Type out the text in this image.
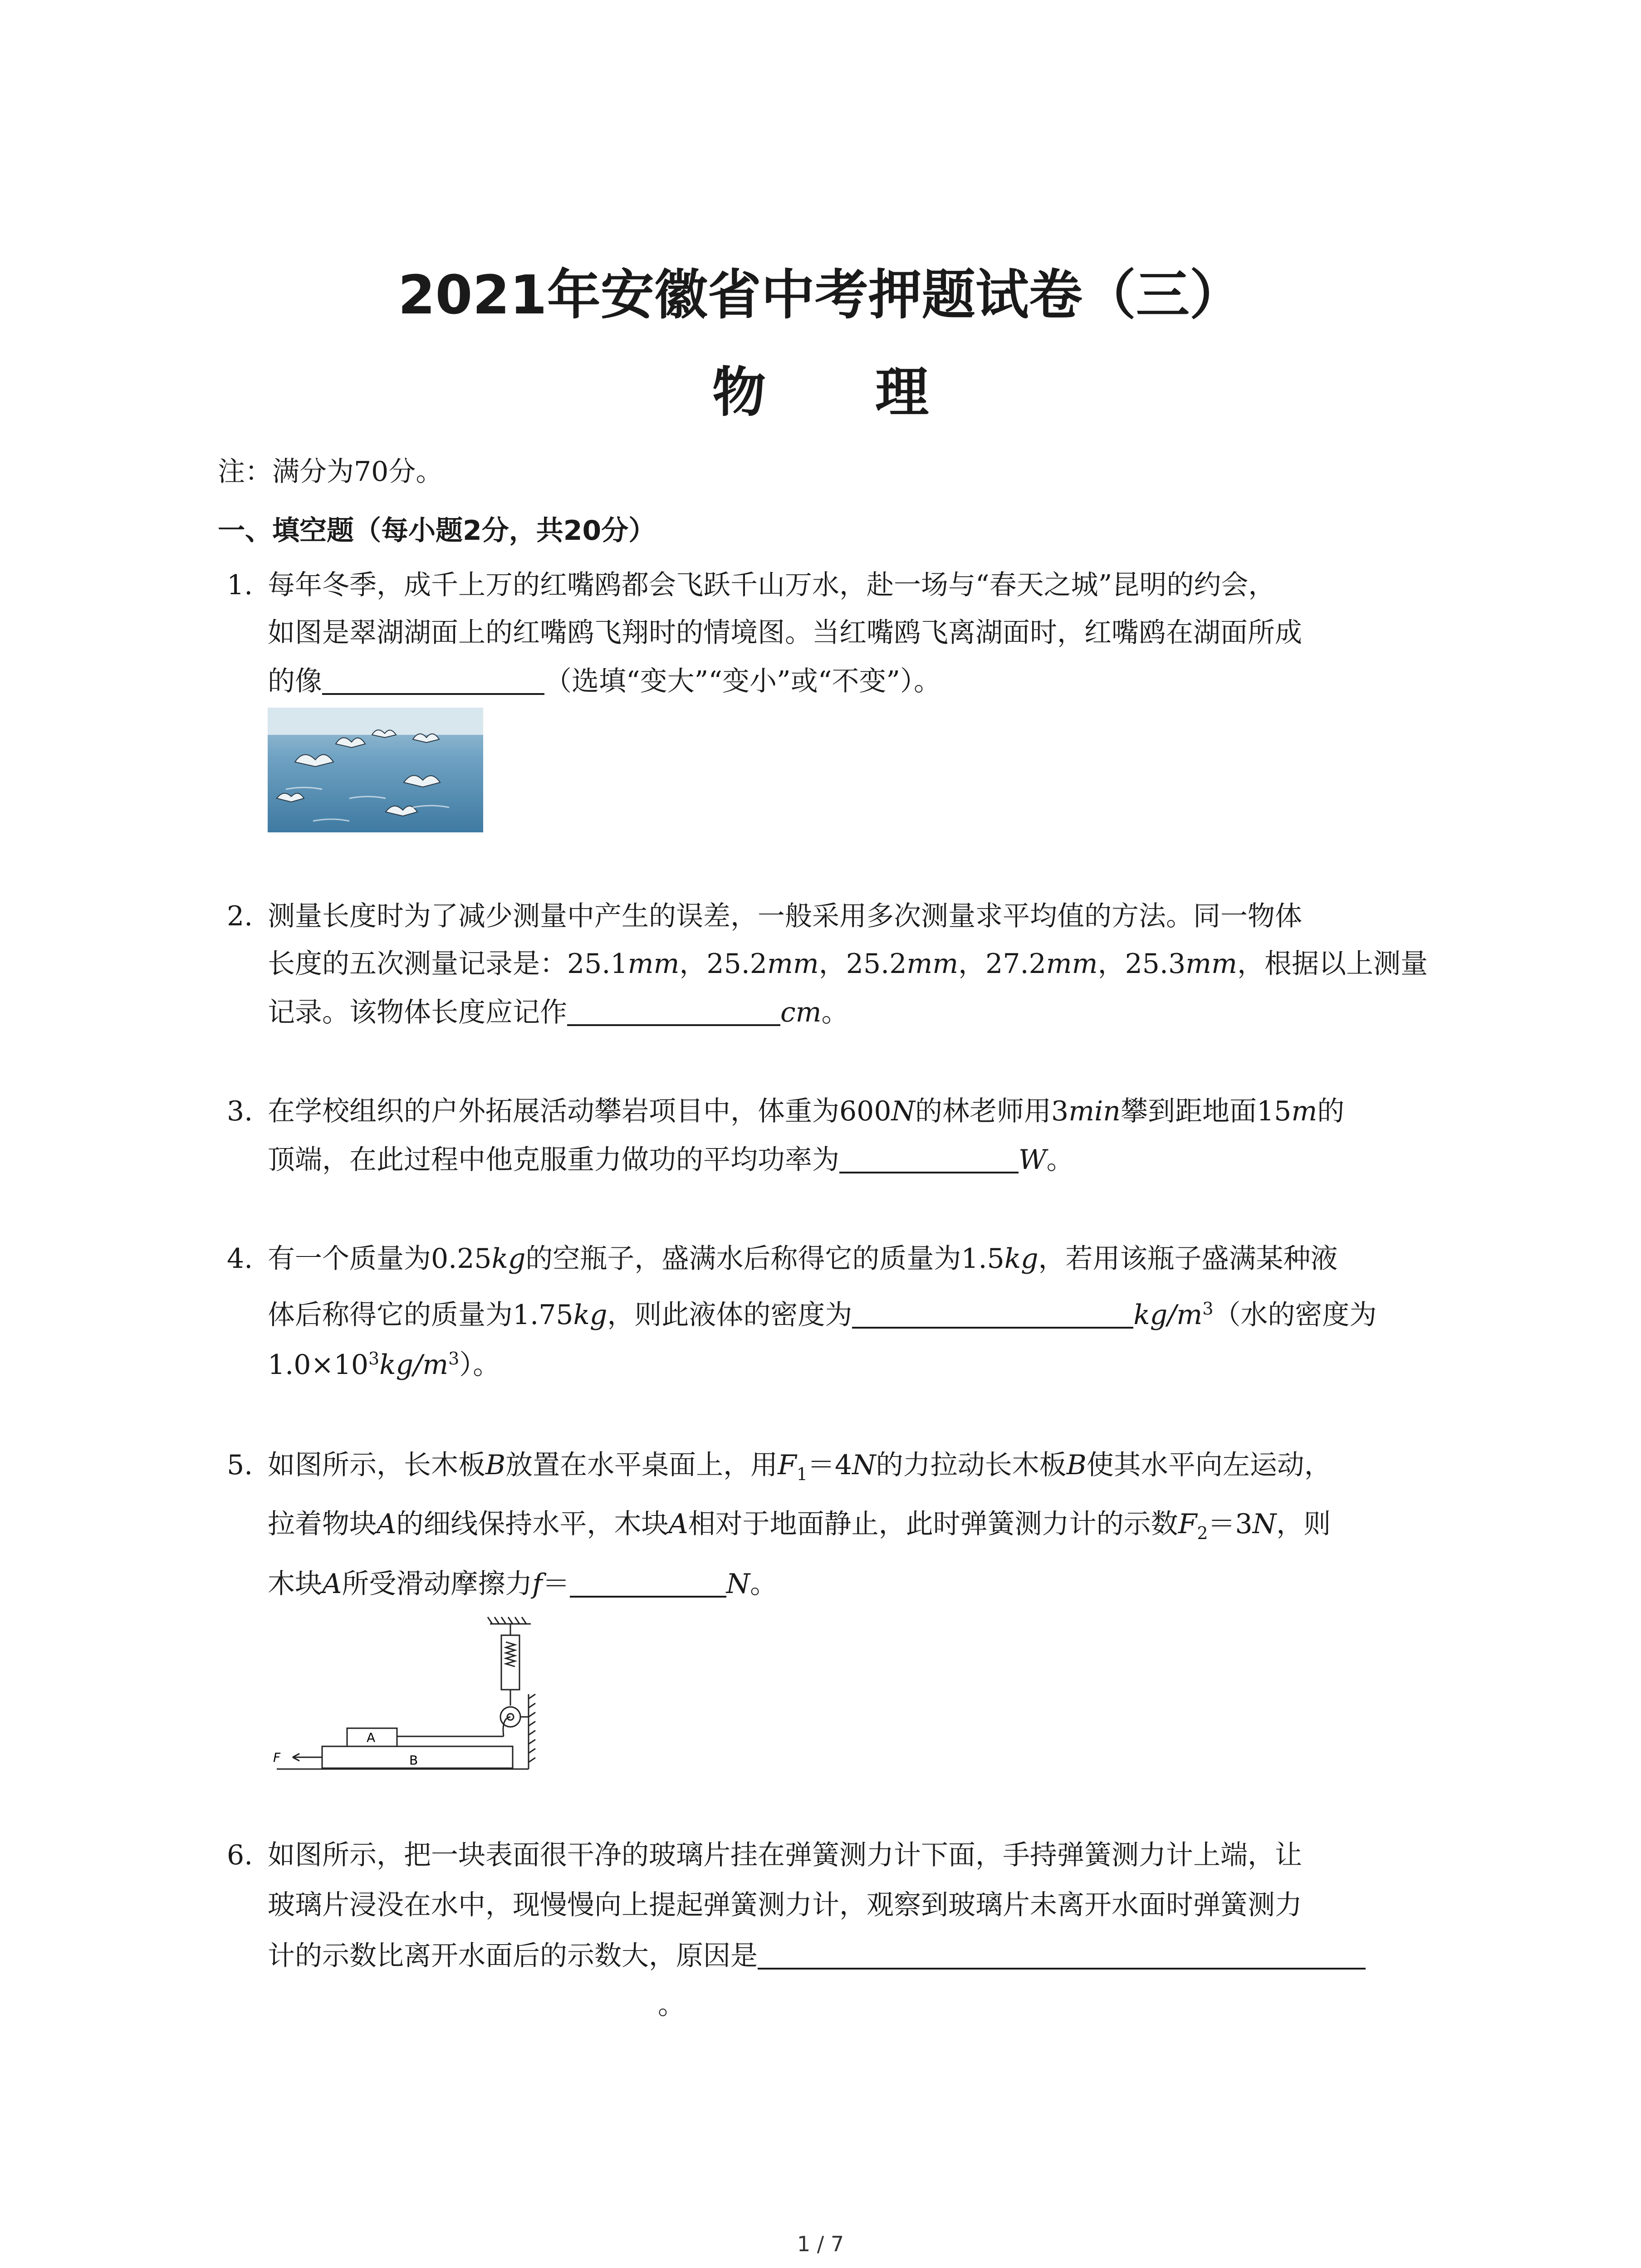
2021年安徽省中考押题试卷（三）
物 理
注：满分为70分。
一、填空题（每小题2分，共20分）
1. 每年冬季，成千上万的红嘴鸥都会飞跃千山万水，赴一场与“春天之城”昆明的约会，
如图是翠湖湖面上的红嘴鸥飞翔时的情境图。当红嘴鸥飞离湖面时，红嘴鸥在湖面所成
的像	（选填“变大”“变小”或“不变”）。
2. 测量长度时为了减少测量中产生的误差，一般采用多次测量求平均值的方法。同一物体
长度的五次测量记录是：25.1mm，25.2mm，25.2mm，27.2mm，25.3mm，根据以上测量
记录。该物体长度应记作	cm。
3. 在学校组织的户外拓展活动攀岩项目中，体重为600N的林老师用3min攀到距地面15m的
顶端，在此过程中他克服重力做功的平均功率为	W。
4. 有一个质量为0.25kg的空瓶子，盛满水后称得它的质量为1.5kg，若用该瓶子盛满某种液
体后称得它的质量为1.75kg，则此液体的密度为	$kg/m^3$（水的密度为
$1.0\times 10^3kg/m^3$）。
5. 如图所示，长木板B放置在水平桌面上，用$F_1=4N$的力拉动长木板B使其水平向左运动，
拉着物块A的细线保持水平，木块A相对于地面静止，此时弹簧测力计的示数$F_2=3N$，则
木块A所受滑动摩擦力f＝	N。
A
B
F
6. 如图所示，把一块表面很干净的玻璃片挂在弹簧测力计下面，手持弹簧测力计上端，让
玻璃片浸没在水中，现慢慢向上提起弹簧测力计，观察到玻璃片未离开水面时弹簧测力
计的示数比离开水面后的示数大，原因是
。
1 / 7
